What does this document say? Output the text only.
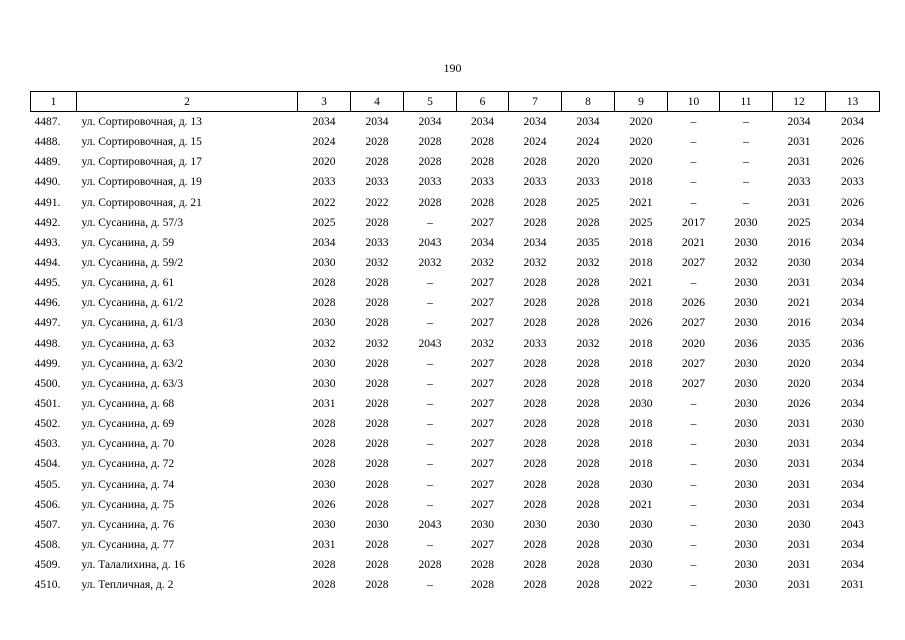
190
1	2	3	4	5	6	7	8	9	10	11	12	13
4487.	ул. Сортировочная, д. 13	2034	2034	2034	2034	2034	2034	2020	–	–	2034	2034
4488.	ул. Сортировочная, д. 15	2024	2028	2028	2028	2024	2024	2020	–	–	2031	2026
4489.	ул. Сортировочная, д. 17	2020	2028	2028	2028	2028	2020	2020	–	–	2031	2026
4490.	ул. Сортировочная, д. 19	2033	2033	2033	2033	2033	2033	2018	–	–	2033	2033
4491.	ул. Сортировочная, д. 21	2022	2022	2028	2028	2028	2025	2021	–	–	2031	2026
4492.	ул. Сусанина, д. 57/3	2025	2028	–	2027	2028	2028	2025	2017	2030	2025	2034
4493.	ул. Сусанина, д. 59	2034	2033	2043	2034	2034	2035	2018	2021	2030	2016	2034
4494.	ул. Сусанина, д. 59/2	2030	2032	2032	2032	2032	2032	2018	2027	2032	2030	2034
4495.	ул. Сусанина, д. 61	2028	2028	–	2027	2028	2028	2021	–	2030	2031	2034
4496.	ул. Сусанина, д. 61/2	2028	2028	–	2027	2028	2028	2018	2026	2030	2021	2034
4497.	ул. Сусанина, д. 61/3	2030	2028	–	2027	2028	2028	2026	2027	2030	2016	2034
4498.	ул. Сусанина, д. 63	2032	2032	2043	2032	2033	2032	2018	2020	2036	2035	2036
4499.	ул. Сусанина, д. 63/2	2030	2028	–	2027	2028	2028	2018	2027	2030	2020	2034
4500.	ул. Сусанина, д. 63/3	2030	2028	–	2027	2028	2028	2018	2027	2030	2020	2034
4501.	ул. Сусанина, д. 68	2031	2028	–	2027	2028	2028	2030	–	2030	2026	2034
4502.	ул. Сусанина, д. 69	2028	2028	–	2027	2028	2028	2018	–	2030	2031	2030
4503.	ул. Сусанина, д. 70	2028	2028	–	2027	2028	2028	2018	–	2030	2031	2034
4504.	ул. Сусанина, д. 72	2028	2028	–	2027	2028	2028	2018	–	2030	2031	2034
4505.	ул. Сусанина, д. 74	2030	2028	–	2027	2028	2028	2030	–	2030	2031	2034
4506.	ул. Сусанина, д. 75	2026	2028	–	2027	2028	2028	2021	–	2030	2031	2034
4507.	ул. Сусанина, д. 76	2030	2030	2043	2030	2030	2030	2030	–	2030	2030	2043
4508.	ул. Сусанина, д. 77	2031	2028	–	2027	2028	2028	2030	–	2030	2031	2034
4509.	ул. Талалихина, д. 16	2028	2028	2028	2028	2028	2028	2030	–	2030	2031	2034
4510.	ул. Тепличная, д. 2	2028	2028	–	2028	2028	2028	2022	–	2030	2031	2031
